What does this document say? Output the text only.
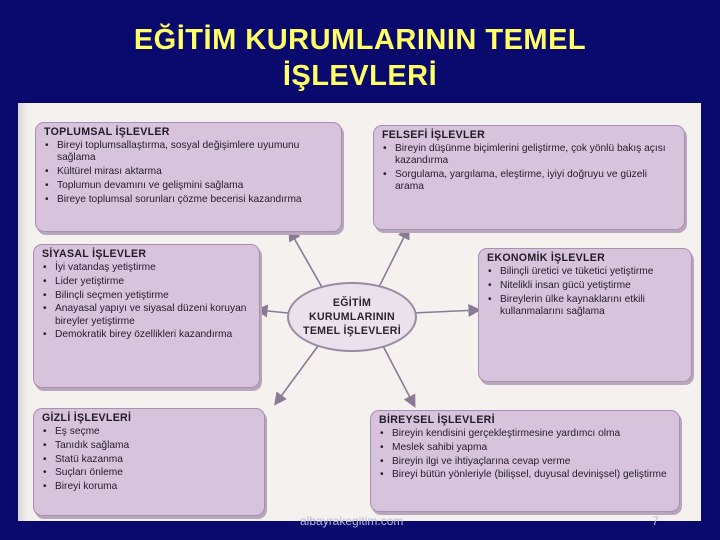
EĞİTİM KURUMLARININ TEMEL
İŞLEVLERİ
TOPLUMSAL İŞLEVLER
• Bireyi toplumsallaştırma, sosyal değişimlere uyumunu sağlama
• Kültürel mirası aktarma
• Toplumun devamını ve gelişmini sağlama
• Bireye toplumsal sorunları çözme becerisi kazandırma
FELSEFİ İŞLEVLER
• Bireyin düşünme biçimlerini geliştirme, çok yönlü bakış açısı kazandırma
• Sorgulama, yargılama, eleştirme, iyiyi doğruyu ve güzeli arama
SİYASAL İŞLEVLER
• İyi vatandaş yetiştirme
• Lider yetiştirme
• Bilinçli seçmen yetiştirme
• Anayasal yapıyı ve siyasal düzeni koruyan bireyler yetiştirme
• Demokratik birey özellikleri kazandırma
EKONOMİK İŞLEVLER
• Bilinçli üretici ve tüketici yetiştirme
• Nitelikli insan gücü yetiştirme
• Bireylerin ülke kaynaklarını etkili kullanmalarını sağlama
GİZLİ İŞLEVLERİ
• Eş seçme
• Tanıdık sağlama
• Statü kazanma
• Suçları önleme
• Bireyi koruma
BİREYSEL İŞLEVLERİ
• Bireyin kendisini gerçekleştirmesine yardımcı olma
• Meslek sahibi yapma
• Bireyin ilgi ve ihtiyaçlarına cevap verme
• Bireyi bütün yönleriyle (bilişsel, duyusal devinişsel) geliştirme
EĞİTİM
KURUMLARININ
TEMEL İŞLEVLERİ
albayrakegitim.com	7
